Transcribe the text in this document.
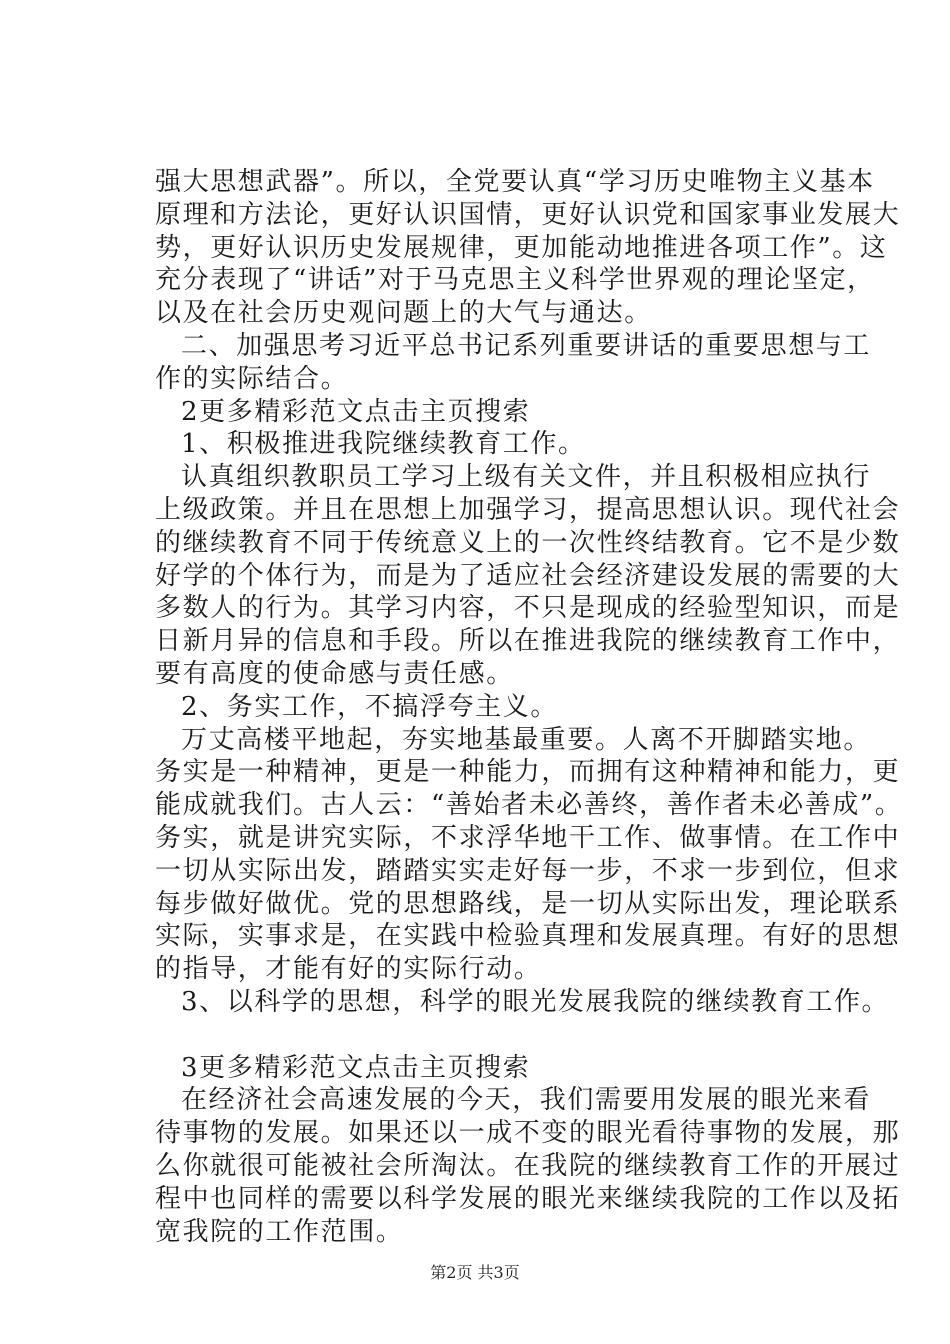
强大思想武器”。所以，全党要认真“学习历史唯物主义基本
原理和方法论，更好认识国情，更好认识党和国家事业发展大
势，更好认识历史发展规律，更加能动地推进各项工作”。这
充分表现了“讲话”对于马克思主义科学世界观的理论坚定，
以及在社会历史观问题上的大气与通达。
二、加强思考习近平总书记系列重要讲话的重要思想与工
作的实际结合。
2更多精彩范文点击主页搜索
1、积极推进我院继续教育工作。
认真组织教职员工学习上级有关文件，并且积极相应执行
上级政策。并且在思想上加强学习，提高思想认识。现代社会
的继续教育不同于传统意义上的一次性终结教育。它不是少数
好学的个体行为，而是为了适应社会经济建设发展的需要的大
多数人的行为。其学习内容，不只是现成的经验型知识，而是
日新月异的信息和手段。所以在推进我院的继续教育工作中，
要有高度的使命感与责任感。
2、务实工作，不搞浮夸主义。
万丈高楼平地起，夯实地基最重要。人离不开脚踏实地。
务实是一种精神，更是一种能力，而拥有这种精神和能力，更
能成就我们。古人云：“善始者未必善终，善作者未必善成”。
务实，就是讲究实际，不求浮华地干工作、做事情。在工作中
一切从实际出发，踏踏实实走好每一步，不求一步到位，但求
每步做好做优。党的思想路线，是一切从实际出发，理论联系
实际，实事求是，在实践中检验真理和发展真理。有好的思想
的指导，才能有好的实际行动。
3、以科学的思想，科学的眼光发展我院的继续教育工作。
3更多精彩范文点击主页搜索
在经济社会高速发展的今天，我们需要用发展的眼光来看
待事物的发展。如果还以一成不变的眼光看待事物的发展，那
么你就很可能被社会所淘汰。在我院的继续教育工作的开展过
程中也同样的需要以科学发展的眼光来继续我院的工作以及拓
宽我院的工作范围。
第2页 共3页
